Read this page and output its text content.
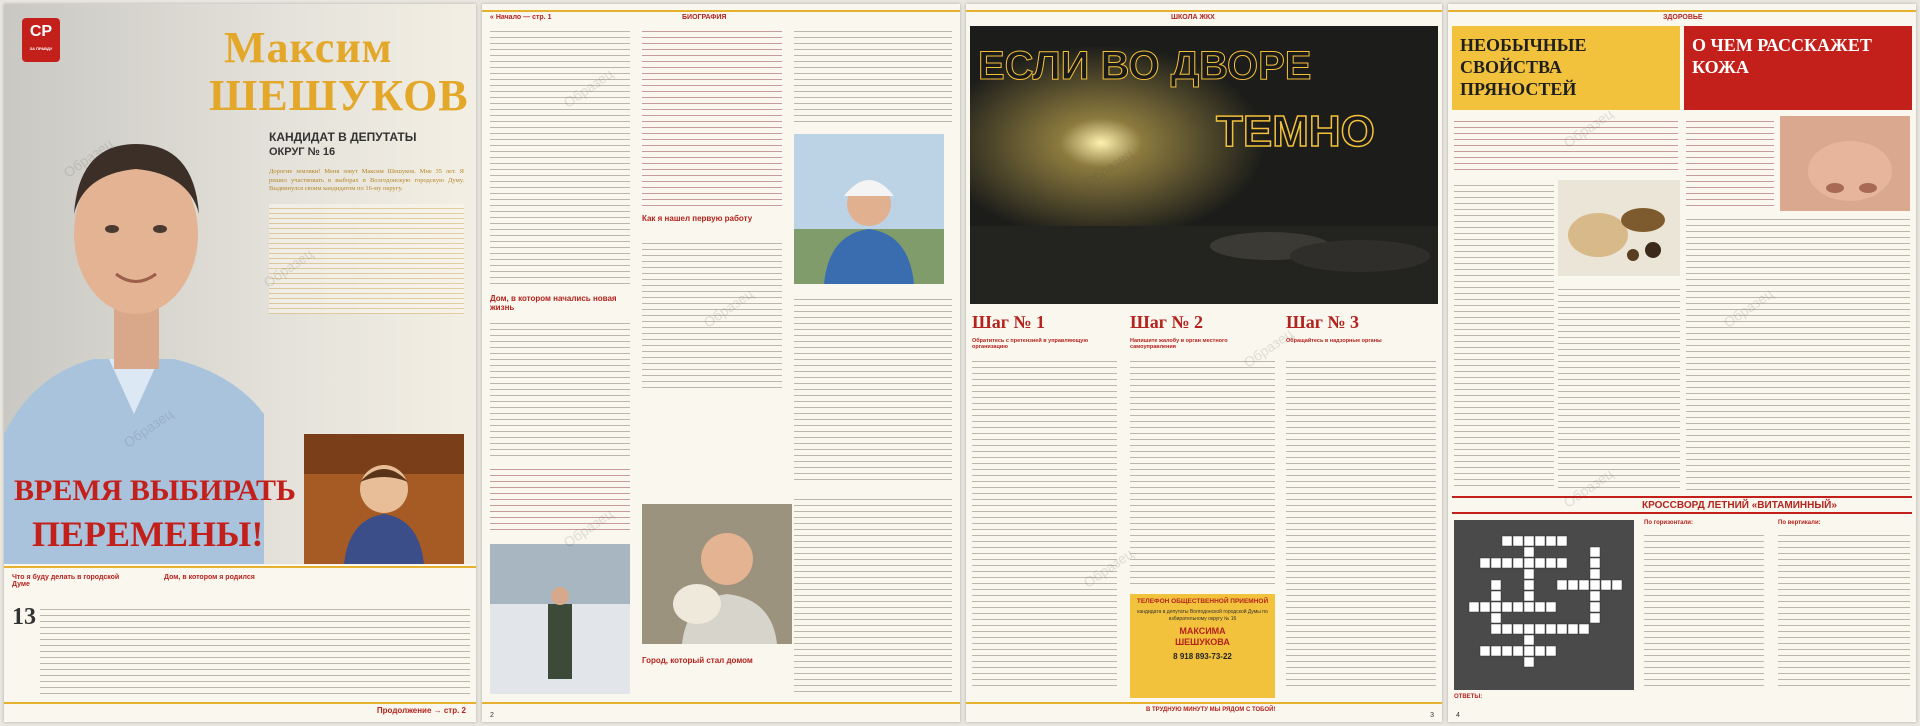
СР
ЗА ПРАВДУ	Максим
ШЕШУКОВ
КАНДИДАТ В ДЕПУТАТЫ
ОКРУГ № 16
Дорогие земляки! Меня зовут Максим Шешуков. Мне 35 лет. Я решил участвовать в выборах в Волгодонскую городскую Думу. Выдвинулся своим кандидатом по 16-му округу.
ВРЕМЯ ВЫБИРАТЬ
ПЕРЕМЕНЫ!
Что я буду делать в городской Думе
Дом, в котором я родился
13
Продолжение → стр. 2
« Начало — стр. 1	БИОГРАФИЯ
Как я нашел первую работу
Дом, в котором начались новая жизнь
Город, который стал домом
2
ШКОЛА ЖКХ
ЕСЛИ ВО ДВОРЕ
ТЕМНО
Шаг № 1	Шаг № 2	Шаг № 3
Обратитесь с претензией в управляющую организацию
Напишите жалобу в орган местного самоуправления
Обращайтесь в надзорные органы
ТЕЛЕФОН ОБЩЕСТВЕННОЙ ПРИЕМНОЙ
кандидата в депутаты Волгодонской городской Думы по избирательному округу № 16
МАКСИМА
ШЕШУКОВА
8 918 893-73-22
В ТРУДНУЮ МИНУТУ МЫ РЯДОМ С ТОБОЙ!
3
ЗДОРОВЬЕ
НЕОБЫЧНЫЕ СВОЙСТВА ПРЯНОСТЕЙ
О ЧЕМ РАССКАЖЕТ КОЖА
КРОССВОРД ЛЕТНИЙ «ВИТАМИННЫЙ»
По горизонтали:	По вертикали:
ОТВЕТЫ:
4
